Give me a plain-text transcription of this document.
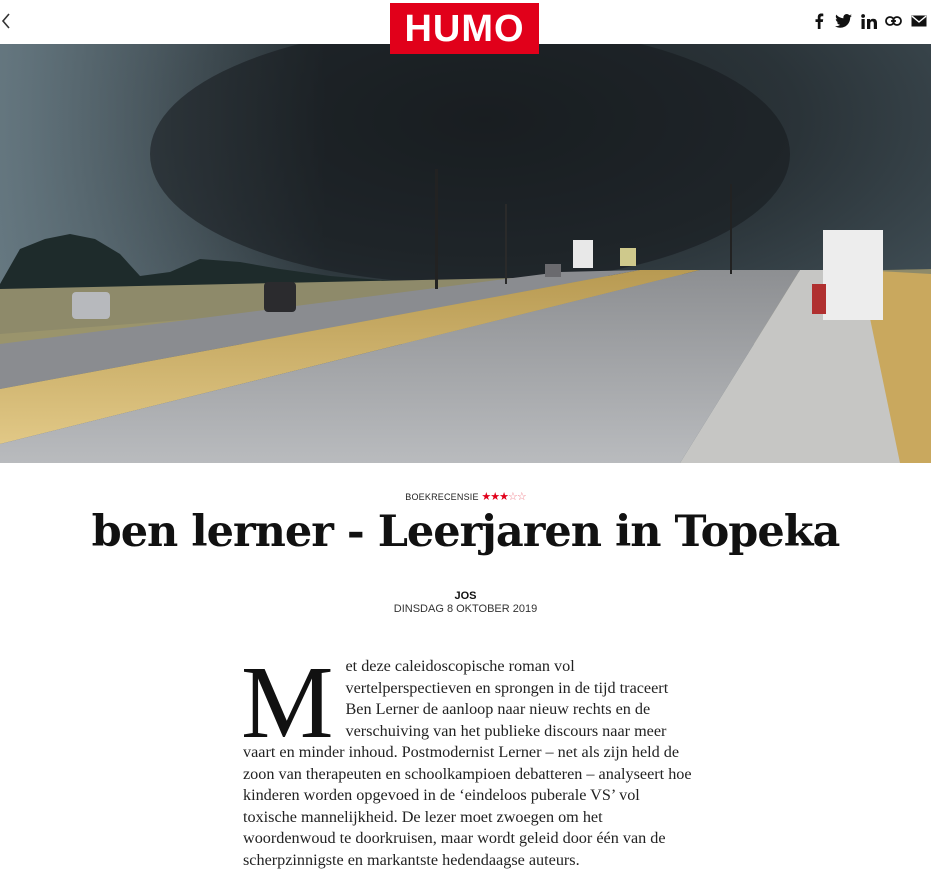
HUMO
BOEKRECENSIE ★★★☆☆
ben lerner - Leerjaren in Topeka
JOS
DINSDAG 8 OKTOBER 2019
Met deze caleidoscopische roman vol vertelperspectieven en sprongen in de tijd traceert Ben Lerner de aanloop naar nieuw rechts en de verschuiving van het publieke discours naar meer vaart en minder inhoud. Postmodernist Lerner – net als zijn held de zoon van therapeuten en schoolkampioen debatteren – analyseert hoe kinderen worden opgevoed in de ‘eindeloos puberale VS’ vol toxische mannelijkheid. De lezer moet zwoegen om het woordenwoud te doorkruisen, maar wordt geleid door één van de scherpzinnigste en markantste hedendaagse auteurs.
